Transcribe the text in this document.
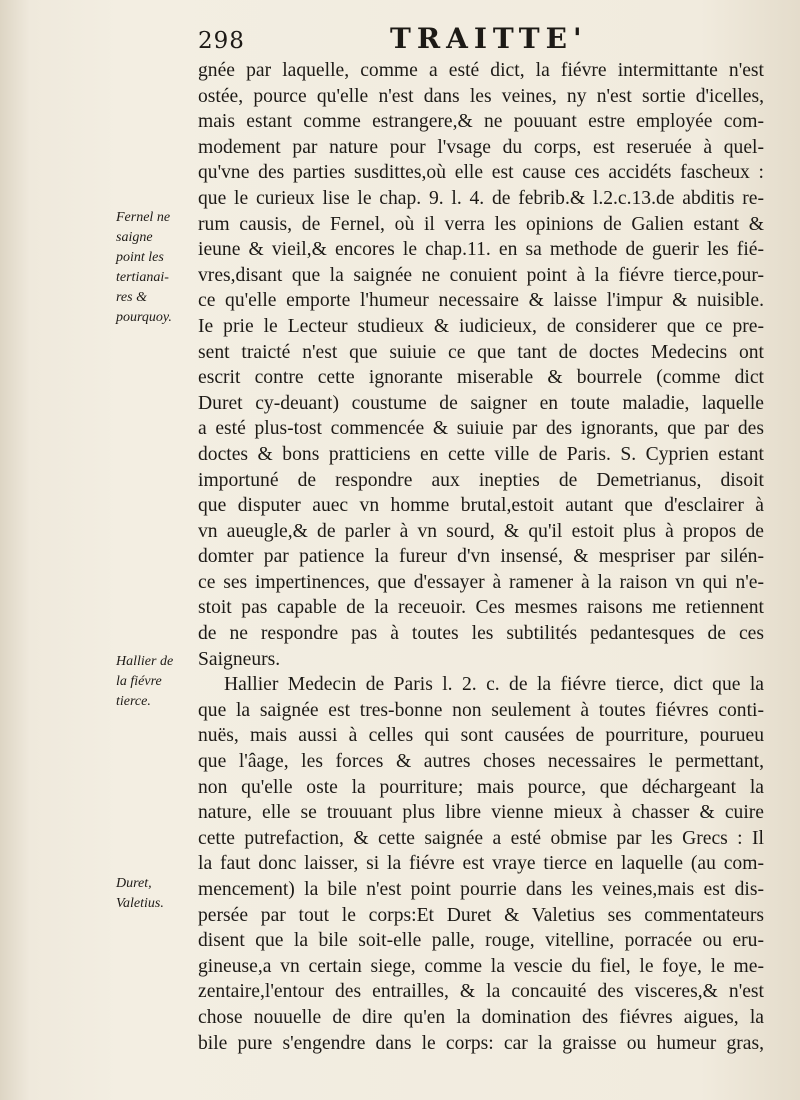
298	TRAITTE'
Fernel ne
saigne
point les
tertianai-
res &
pourquoy.
Hallier de
la fiévre
tierce.
Duret,
Valetius.
gnée par laquelle, comme a esté dict, la fiévre intermittante n'est
ostée, pource qu'elle n'est dans les veines, ny n'est sortie d'icelles,
mais estant comme estrangere,& ne pouuant estre employée com-
modement par nature pour l'vsage du corps, est reseruée à quel-
qu'vne des parties susdittes,où elle est cause ces accidéts fascheux :
que le curieux lise le chap. 9. l. 4. de febrib.& l.2.c.13.de abditis re-
rum causis, de Fernel, où il verra les opinions de Galien estant &
ieune & vieil,& encores le chap.11. en sa methode de guerir les fié-
vres,disant que la saignée ne conuient point à la fiévre tierce,pour-
ce qu'elle emporte l'humeur necessaire & laisse l'impur & nuisible.
Ie prie le Lecteur studieux & iudicieux, de considerer que ce pre-
sent traicté n'est que suiuie ce que tant de doctes Medecins ont
escrit contre cette ignorante miserable & bourrele (comme dict
Duret cy-deuant) coustume de saigner en toute maladie, laquelle
a esté plus-tost commencée & suiuie par des ignorants, que par des
doctes & bons pratticiens en cette ville de Paris. S. Cyprien estant
importuné de respondre aux inepties de Demetrianus, disoit
que disputer auec vn homme brutal,estoit autant que d'esclairer à
vn aueugle,& de parler à vn sourd, & qu'il estoit plus à propos de
domter par patience la fureur d'vn insensé, & mespriser par silén-
ce ses impertinences, que d'essayer à ramener à la raison vn qui n'e-
stoit pas capable de la receuoir. Ces mesmes raisons me retiennent
de ne respondre pas à toutes les subtilités pedantesques de ces
Saigneurs.
Hallier Medecin de Paris l. 2. c. de la fiévre tierce, dict que la
que la saignée est tres-bonne non seulement à toutes fiévres conti-
nuës, mais aussi à celles qui sont causées de pourriture, pourueu
que l'âage, les forces & autres choses necessaires le permettant,
non qu'elle oste la pourriture; mais pource, que déchargeant la
nature, elle se trouuant plus libre vienne mieux à chasser & cuire
cette putrefaction, & cette saignée a esté obmise par les Grecs : Il
la faut donc laisser, si la fiévre est vraye tierce en laquelle (au com-
mencement) la bile n'est point pourrie dans les veines,mais est dis-
persée par tout le corps:Et Duret & Valetius ses commentateurs
disent que la bile soit-elle palle, rouge, vitelline, porracée ou eru-
gineuse,a vn certain siege, comme la vescie du fiel, le foye, le me-
zentaire,l'entour des entrailles, & la concauité des visceres,& n'est
chose nouuelle de dire qu'en la domination des fiévres aigues, la
bile pure s'engendre dans le corps: car la graisse ou humeur gras,
